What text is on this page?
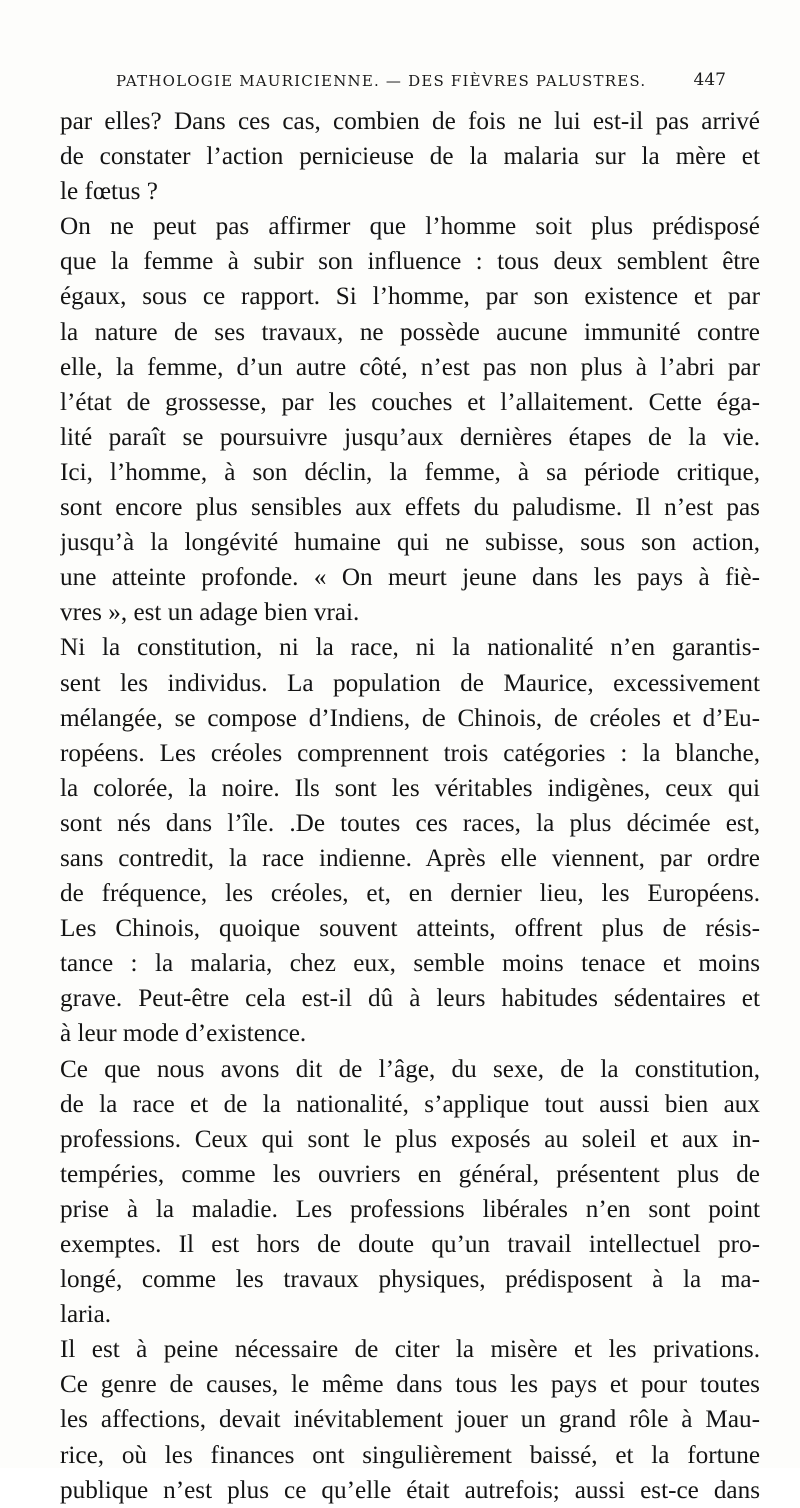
PATHOLOGIE MAURICIENNE. — DES FIÈVRES PALUSTRES.	447
par elles? Dans ces cas, combien de fois ne lui est-il pas arrivé
de constater l’action pernicieuse de la malaria sur la mère et
le fœtus ?
On ne peut pas affirmer que l’homme soit plus prédisposé
que la femme à subir son influence : tous deux semblent être
égaux, sous ce rapport. Si l’homme, par son existence et par
la nature de ses travaux, ne possède aucune immunité contre
elle, la femme, d’un autre côté, n’est pas non plus à l’abri par
l’état de grossesse, par les couches et l’allaitement. Cette éga-
lité paraît se poursuivre jusqu’aux dernières étapes de la vie.
Ici, l’homme, à son déclin, la femme, à sa période critique,
sont encore plus sensibles aux effets du paludisme. Il n’est pas
jusqu’à la longévité humaine qui ne subisse, sous son action,
une atteinte profonde. « On meurt jeune dans les pays à fiè-
vres », est un adage bien vrai.
Ni la constitution, ni la race, ni la nationalité n’en garantis-
sent les individus. La population de Maurice, excessivement
mélangée, se compose d’Indiens, de Chinois, de créoles et d’Eu-
ropéens. Les créoles comprennent trois catégories : la blanche,
la colorée, la noire. Ils sont les véritables indigènes, ceux qui
sont nés dans l’île. .De toutes ces races, la plus décimée est,
sans contredit, la race indienne. Après elle viennent, par ordre
de fréquence, les créoles, et, en dernier lieu, les Européens.
Les Chinois, quoique souvent atteints, offrent plus de résis-
tance : la malaria, chez eux, semble moins tenace et moins
grave. Peut-être cela est-il dû à leurs habitudes sédentaires et
à leur mode d’existence.
Ce que nous avons dit de l’âge, du sexe, de la constitution,
de la race et de la nationalité, s’applique tout aussi bien aux
professions. Ceux qui sont le plus exposés au soleil et aux in-
tempéries, comme les ouvriers en général, présentent plus de
prise à la maladie. Les professions libérales n’en sont point
exemptes. Il est hors de doute qu’un travail intellectuel pro-
longé, comme les travaux physiques, prédisposent à la ma-
laria.
Il est à peine nécessaire de citer la misère et les privations.
Ce genre de causes, le même dans tous les pays et pour toutes
les affections, devait inévitablement jouer un grand rôle à Mau-
rice, où les finances ont singulièrement baissé, et la fortune
publique n’est plus ce qu’elle était autrefois; aussi est-ce dans
